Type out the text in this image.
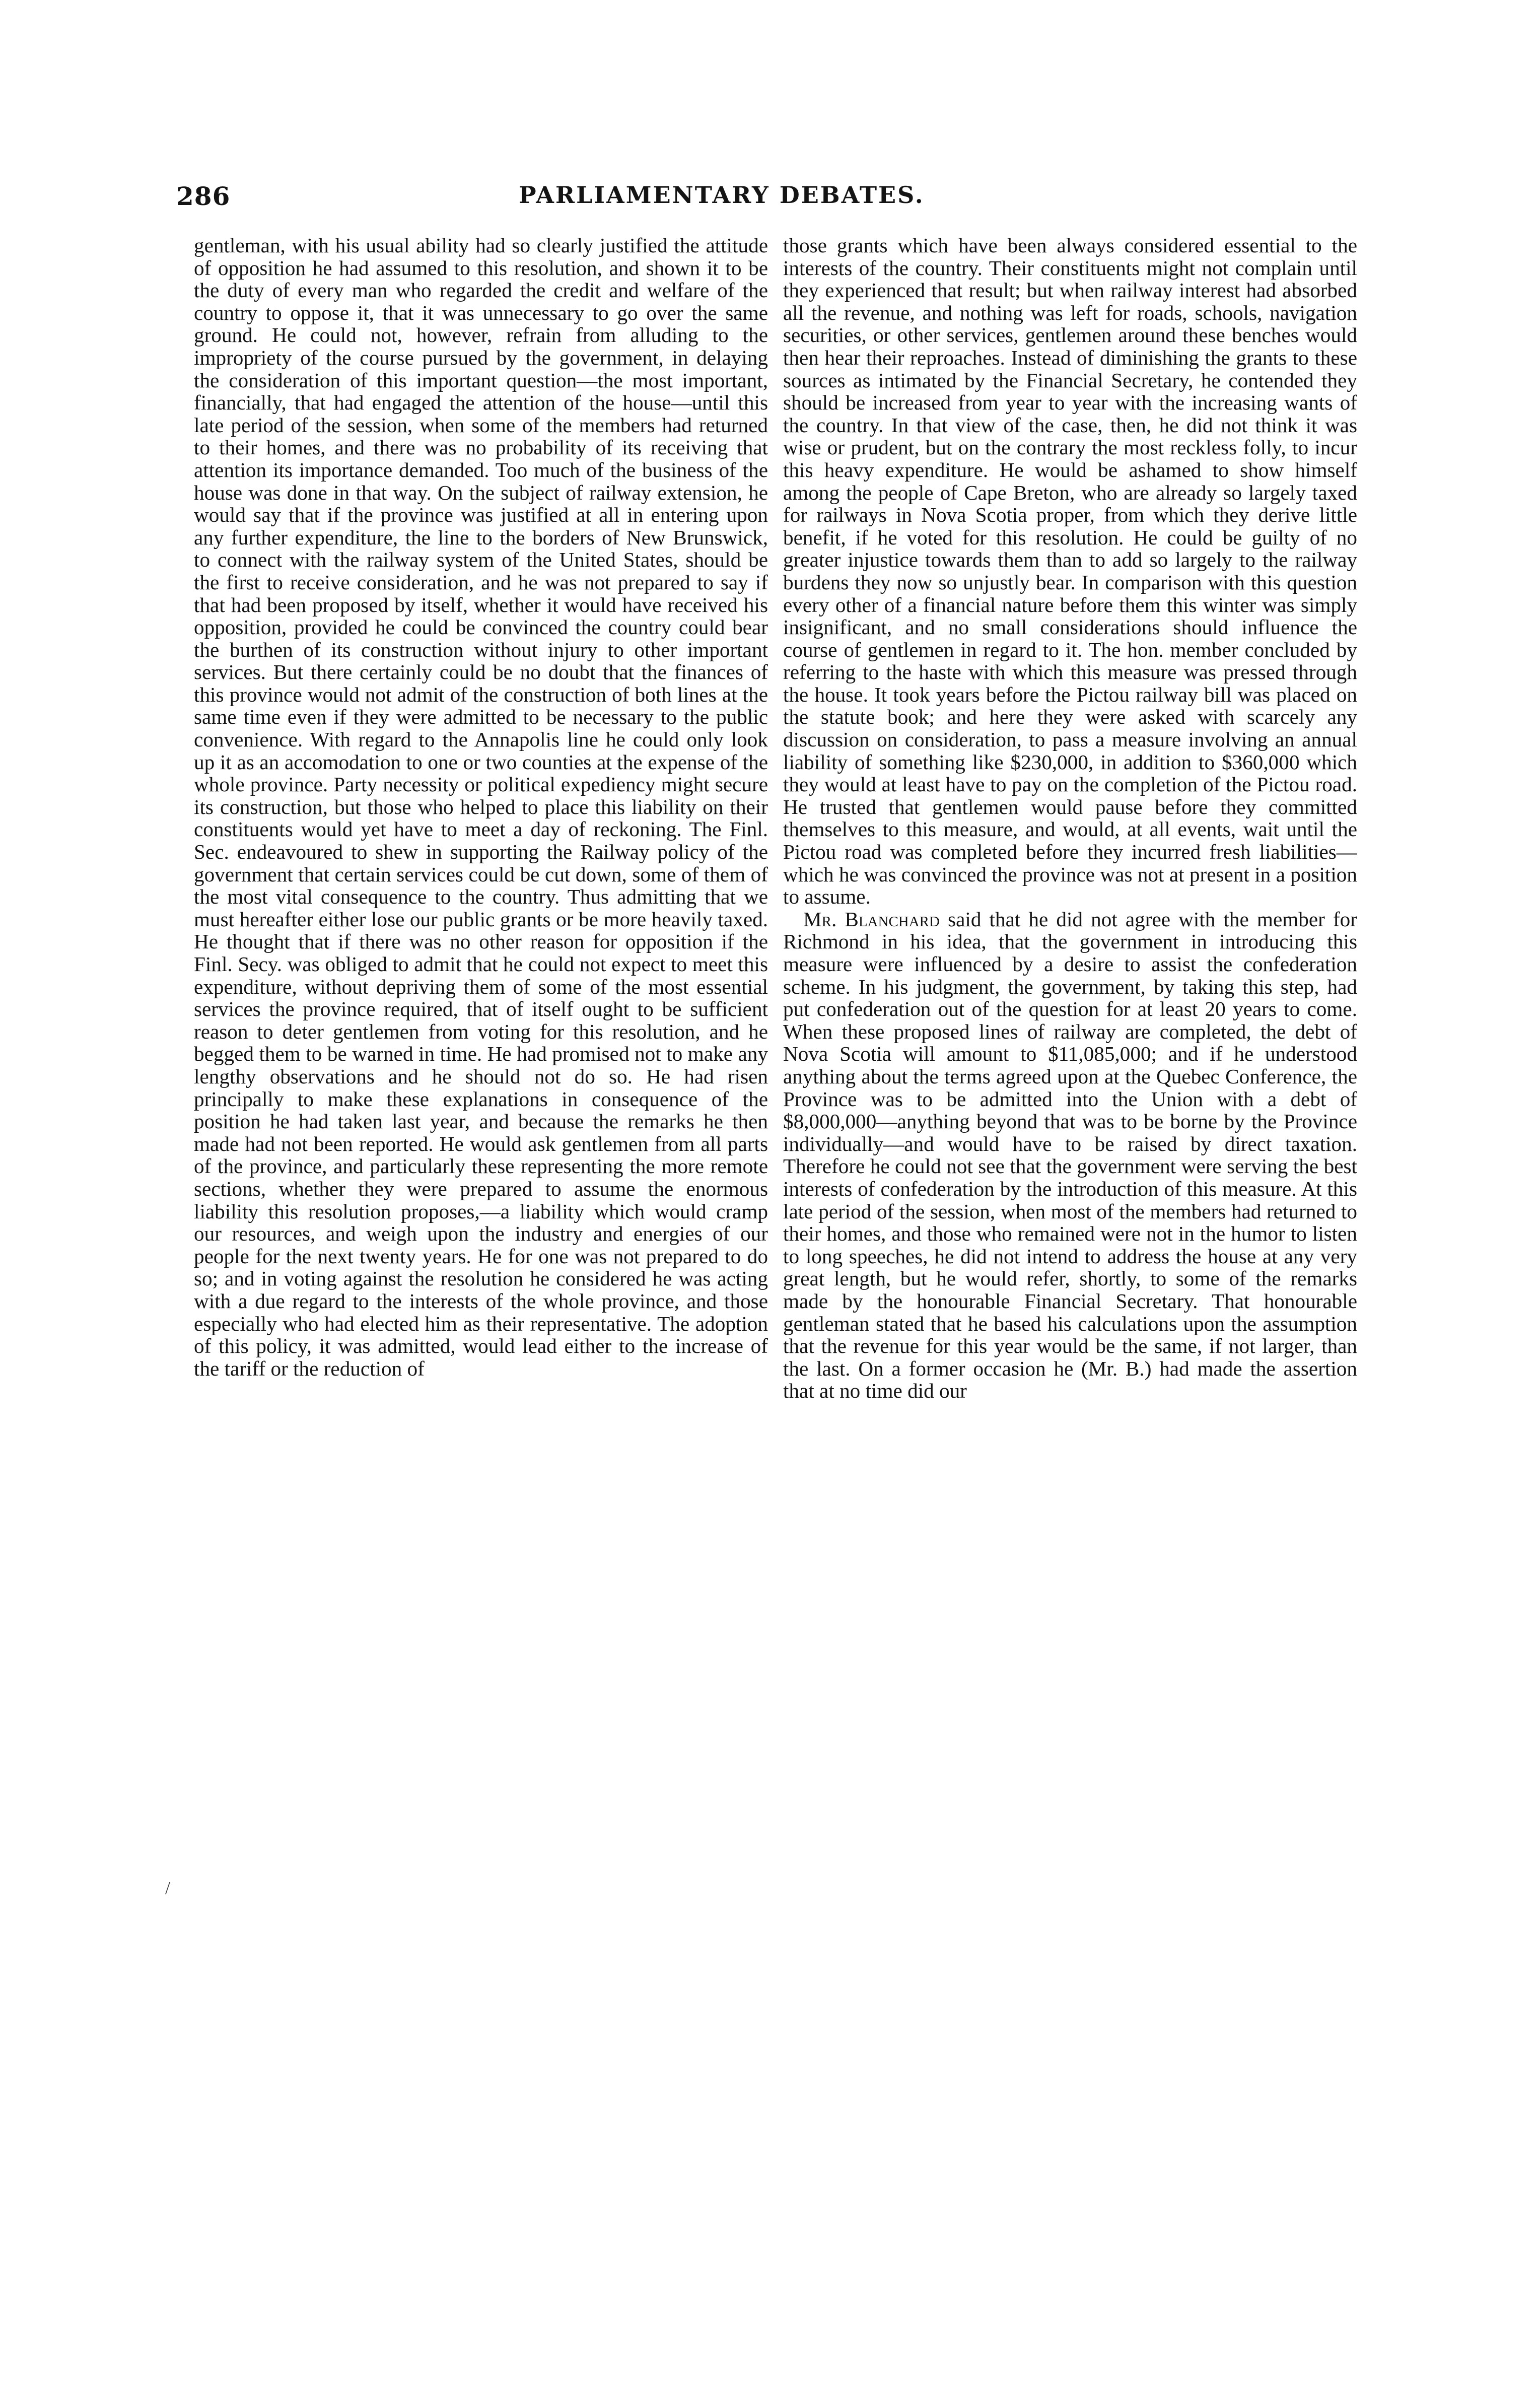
286	PARLIAMENTARY DEBATES.
/

gentleman, with his usual ability had so clearly justified the attitude of opposition he had assumed to this resolution, and shown it to be the duty of every man who regarded the credit and welfare of the country to oppose it, that it was unnecessary to go over the same ground. He could not, however, refrain from alluding to the impropriety of the course pursued by the government, in delaying the consideration of this important question—the most important, financially, that had engaged the attention of the house—until this late period of the session, when some of the members had returned to their homes, and there was no probability of its receiving that attention its importance demanded. Too much of the business of the house was done in that way. On the subject of railway extension, he would say that if the province was justified at all in entering upon any further expenditure, the line to the borders of New Brunswick, to connect with the railway system of the United States, should be the first to receive consideration, and he was not prepared to say if that had been proposed by itself, whether it would have received his opposition, provided he could be convinced the country could bear the burthen of its construction without injury to other important services. But there certainly could be no doubt that the finances of this province would not admit of the construction of both lines at the same time even if they were admitted to be necessary to the public convenience. With regard to the Annapolis line he could only look up it as an accomodation to one or two counties at the expense of the whole province. Party necessity or political expediency might secure its construction, but those who helped to place this liability on their constituents would yet have to meet a day of reckoning. The Finl. Sec. endeavoured to shew in supporting the Railway policy of the government that certain services could be cut down, some of them of the most vital consequence to the country. Thus admitting that we must hereafter either lose our public grants or be more heavily taxed. He thought that if there was no other reason for opposition if the Finl. Secy. was obliged to admit that he could not expect to meet this expenditure, without depriving them of some of the most essential services the province required, that of itself ought to be sufficient reason to deter gentlemen from voting for this resolution, and he begged them to be warned in time. He had promised not to make any lengthy observations and he should not do so. He had risen principally to make these explanations in consequence of the position he had taken last year, and because the remarks he then made had not been reported. He would ask gentlemen from all parts of the province, and particularly these representing the more remote sections, whether they were prepared to assume the enormous liability this resolution proposes,—a liability which would cramp our resources, and weigh upon the industry and energies of our people for the next twenty years. He for one was not prepared to do so; and in voting against the resolution he considered he was acting with a due regard to the interests of the whole province, and those especially who had elected him as their representative. The adoption of this policy, it was admitted, would lead either to the increase of the tariff or the reduction of

those grants which have been always considered essential to the interests of the country. Their constituents might not complain until they experienced that result; but when railway interest had absorbed all the revenue, and nothing was left for roads, schools, navigation securities, or other services, gentlemen around these benches would then hear their reproaches. Instead of diminishing the grants to these sources as intimated by the Financial Secretary, he contended they should be increased from year to year with the increasing wants of the country. In that view of the case, then, he did not think it was wise or prudent, but on the contrary the most reckless folly, to incur this heavy expenditure. He would be ashamed to show himself among the people of Cape Breton, who are already so largely taxed for railways in Nova Scotia proper, from which they derive little benefit, if he voted for this resolution. He could be guilty of no greater injustice towards them than to add so largely to the railway burdens they now so unjustly bear. In comparison with this question every other of a financial nature before them this winter was simply insignificant, and no small considerations should influence the course of gentlemen in regard to it. The hon. member concluded by referring to the haste with which this measure was pressed through the house. It took years before the Pictou railway bill was placed on the statute book; and here they were asked with scarcely any discussion on consideration, to pass a measure involving an annual liability of something like $230,000, in addition to $360,000 which they would at least have to pay on the completion of the Pictou road. He trusted that gentlemen would pause before they committed themselves to this measure, and would, at all events, wait until the Pictou road was completed before they incurred fresh liabilities—which he was convinced the province was not at present in a position to assume.

Mr. Blanchard said that he did not agree with the member for Richmond in his idea, that the government in introducing this measure were influenced by a desire to assist the confederation scheme. In his judgment, the government, by taking this step, had put confederation out of the question for at least 20 years to come. When these proposed lines of railway are completed, the debt of Nova Scotia will amount to $11,085,000; and if he understood anything about the terms agreed upon at the Quebec Conference, the Province was to be admitted into the Union with a debt of $8,000,000—anything beyond that was to be borne by the Province individually—and would have to be raised by direct taxation. Therefore he could not see that the government were serving the best interests of confederation by the introduction of this measure. At this late period of the session, when most of the members had returned to their homes, and those who remained were not in the humor to listen to long speeches, he did not intend to address the house at any very great length, but he would refer, shortly, to some of the remarks made by the honourable Financial Secretary. That honourable gentleman stated that he based his calculations upon the assumption that the revenue for this year would be the same, if not larger, than the last. On a former occasion he (Mr. B.) had made the assertion that at no time did our
